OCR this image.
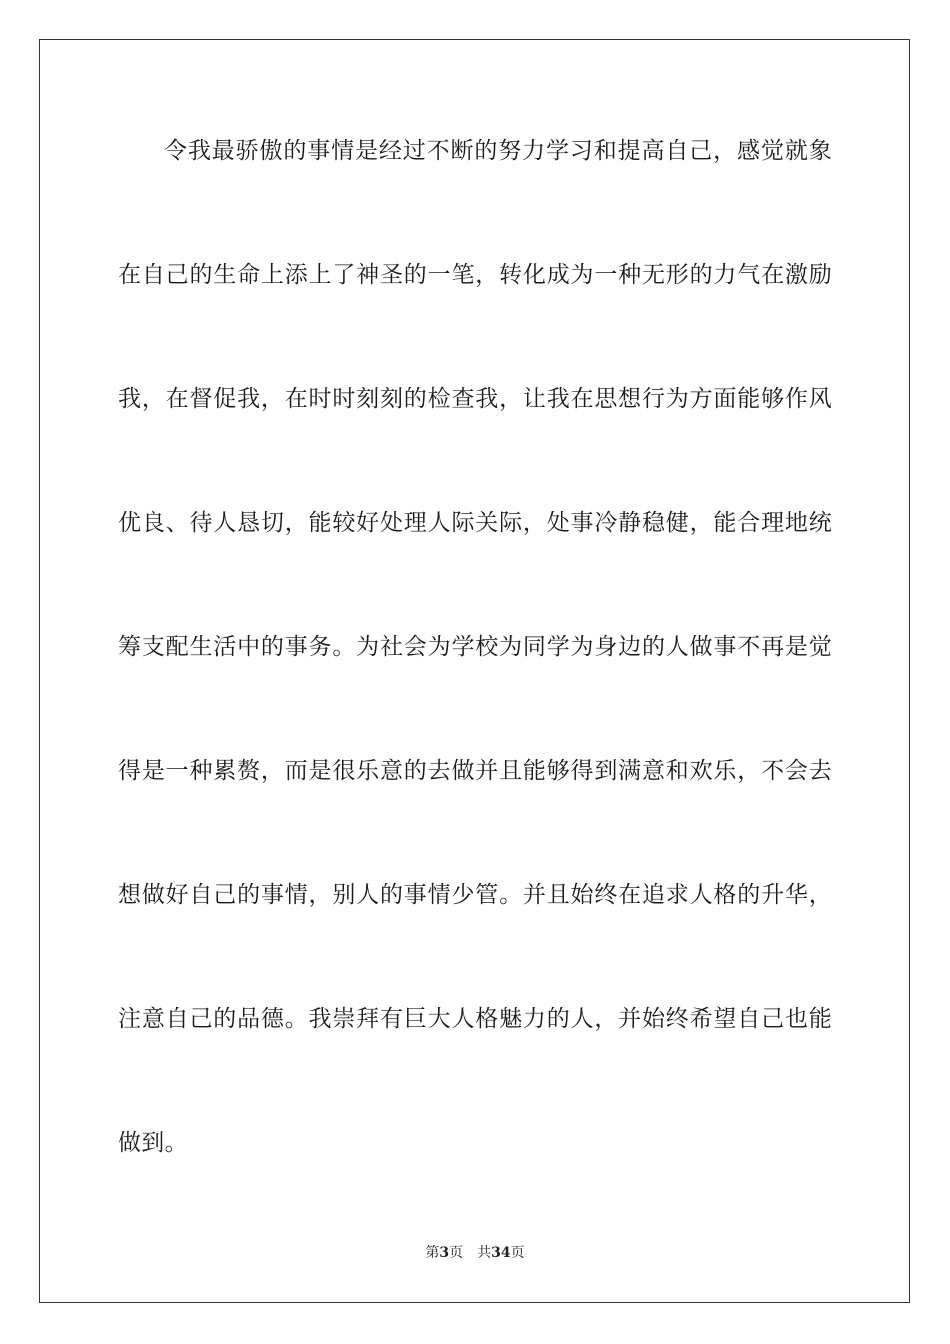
令我最骄傲的事情是经过不断的努力学习和提高自己，感觉就象
在自己的生命上添上了神圣的一笔，转化成为一种无形的力气在激励
我，在督促我，在时时刻刻的检查我，让我在思想行为方面能够作风
优良、待人恳切，能较好处理人际关际，处事冷静稳健，能合理地统
筹支配生活中的事务。为社会为学校为同学为身边的人做事不再是觉
得是一种累赘，而是很乐意的去做并且能够得到满意和欢乐，不会去
想做好自己的事情，别人的事情少管。并且始终在追求人格的升华，
注意自己的品德。我崇拜有巨大人格魅力的人，并始终希望自己也能
做到。
第3页 共34页
